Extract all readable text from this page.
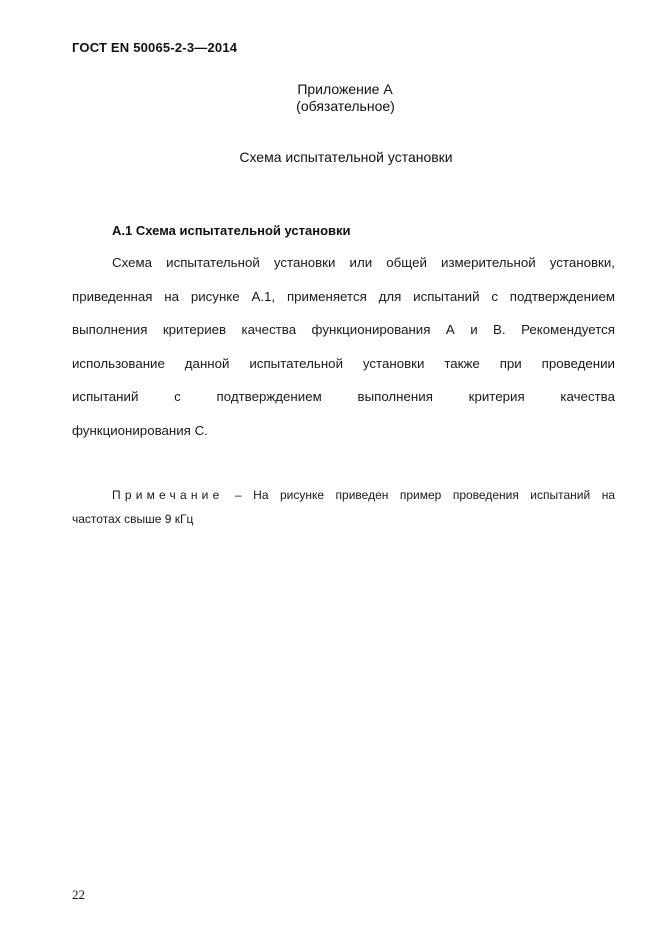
ГОСТ EN 50065-2-3—2014
Приложение А
(обязательное)
Схема испытательной установки
А.1 Схема испытательной установки
Схема испытательной установки или общей измерительной установки,
приведенная на рисунке А.1, применяется для испытаний с подтверждением
выполнения критериев качества функционирования А и В. Рекомендуется
использование данной испытательной установки также при проведении
испытаний с подтверждением выполнения критерия качества
функционирования С.
Примечание – На рисунке приведен пример проведения испытаний на
частотах свыше 9 кГц
22
